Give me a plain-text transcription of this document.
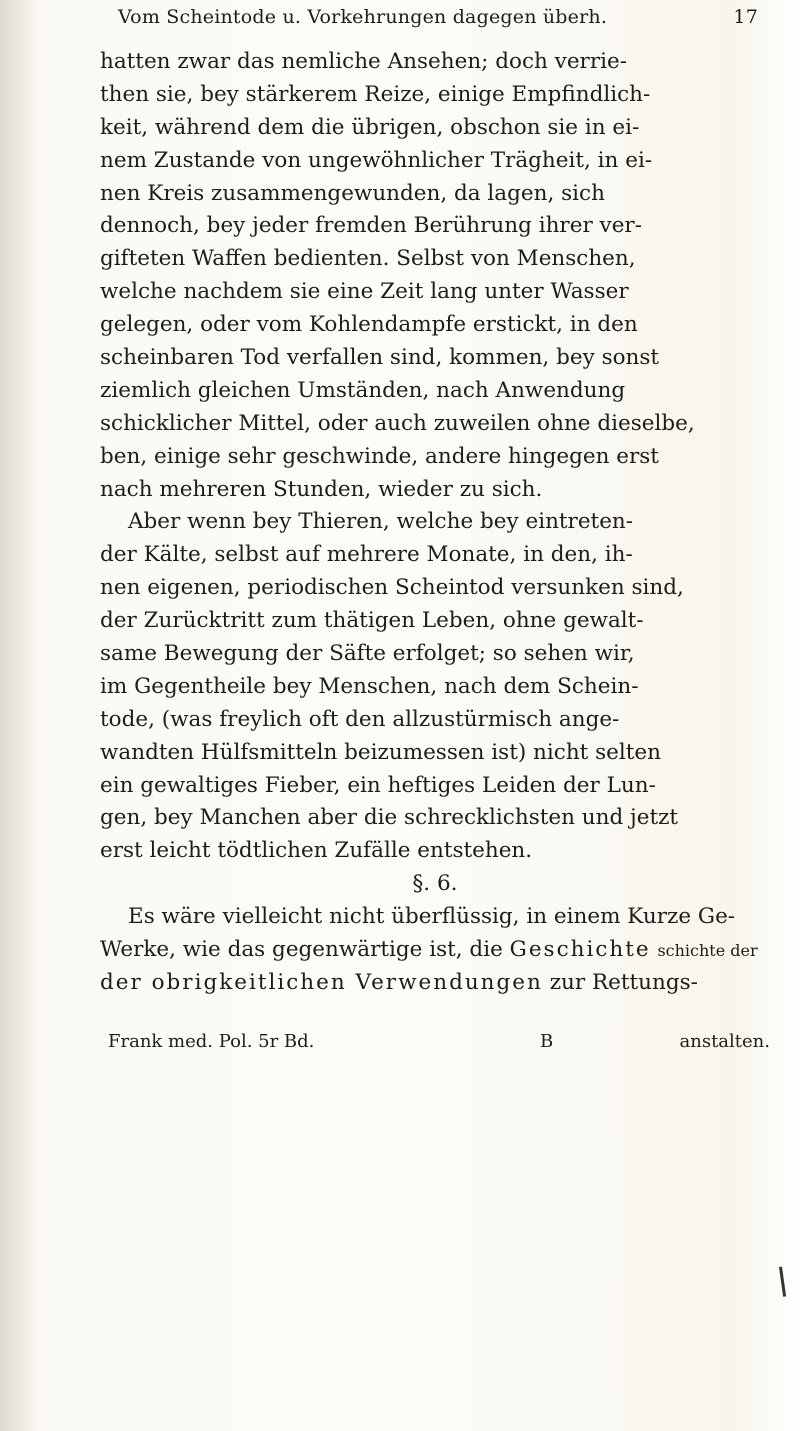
Vom Scheintode u. Vorkehrungen dagegen überh.	17
hatten zwar das nemliche Ansehen; doch verrie-
then sie, bey stärkerem Reize, einige Empfindlich-
keit, während dem die übrigen, obschon sie in ei-
nem Zustande von ungewöhnlicher Trägheit, in ei-
nen Kreis zusammengewunden, da lagen, sich
dennoch, bey jeder fremden Berührung ihrer ver-
gifteten Waffen bedienten. Selbst von Menschen,
welche nachdem sie eine Zeit lang unter Wasser
gelegen, oder vom Kohlendampfe erstickt, in den
scheinbaren Tod verfallen sind, kommen, bey sonst
ziemlich gleichen Umständen, nach Anwendung
schicklicher Mittel, oder auch zuweilen ohne dieselbe,
ben, einige sehr geschwinde, andere hingegen erst
nach mehreren Stunden, wieder zu sich.
Aber wenn bey Thieren, welche bey eintreten-
der Kälte, selbst auf mehrere Monate, in den, ih-
nen eigenen, periodischen Scheintod versunken sind,
der Zurücktritt zum thätigen Leben, ohne gewalt-
same Bewegung der Säfte erfolget; so sehen wir,
im Gegentheile bey Menschen, nach dem Schein-
tode, (was freylich oft den allzustürmisch ange-
wandten Hülfsmitteln beizumessen ist) nicht selten
ein gewaltiges Fieber, ein heftiges Leiden der Lun-
gen, bey Manchen aber die schrecklichsten und jetzt
erst leicht tödtlichen Zufälle entstehen.
§. 6.
Es wäre vielleicht nicht überflüssig, in einem Kurze Ge-
Werke, wie das gegenwärtige ist, die Geschichte schichte der
der obrigkeitlichen Verwendungen zur Rettungs-
Frank med. Pol. 5r Bd.	B	anstalten.
